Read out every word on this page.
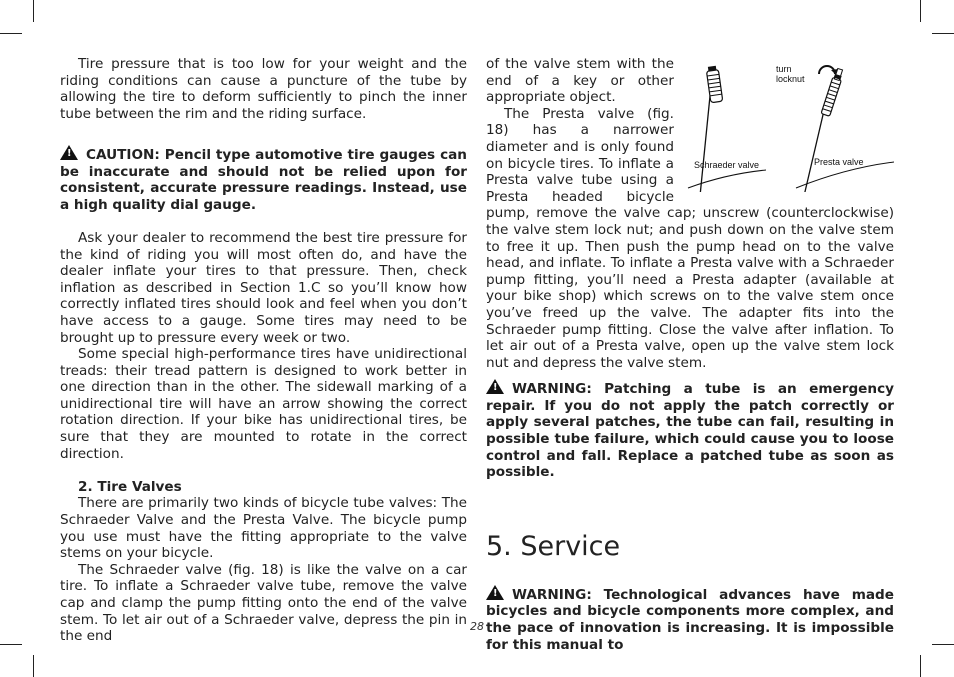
Tire pressure that is too low for your weight and the riding conditions can cause a puncture of the tube by allowing the tire to deform sufficiently to pinch the inner tube between the rim and the riding surface.

!CAUTION: Pencil type automotive tire gauges can be inaccurate and should not be relied upon for consistent, accurate pressure readings. Instead, use a high quality dial gauge.

Ask your dealer to recommend the best tire pressure for the kind of riding you will most often do, and have the dealer inflate your tires to that pressure. Then, check inflation as described in Section 1.C so you’ll know how correctly inflated tires should look and feel when you don’t have access to a gauge. Some tires may need to be brought up to pressure every week or two.

Some special high-performance tires have unidirectional treads: their tread pattern is designed to work better in one direction than in the other. The sidewall marking of a unidirectional tire will have an arrow showing the correct rotation direction. If your bike has unidirectional tires, be sure that they are mounted to rotate in the correct direction.

2. Tire Valves

There are primarily two kinds of bicycle tube valves: The Schraeder Valve and the Presta Valve. The bicycle pump you use must have the fitting appropriate to the valve stems on your bicycle.

The Schraeder valve (fig. 18) is like the valve on a car tire. To inflate a Schraeder valve tube, remove the valve cap and clamp the pump fitting onto the end of the valve stem. To let air out of a Schraeder valve, depress the pin in the end

Schraeder valve	Presta valve
turn
locknut

of the valve stem with the end of a key or other appropriate object.

The Presta valve (fig. 18) has a narrower diameter and is only found on bicycle tires. To inflate a Presta valve tube using a Presta headed bicycle pump, remove the valve cap; unscrew (counterclockwise) the valve stem lock nut; and push down on the valve stem to free it up. Then push the pump head on to the valve head, and inflate. To inflate a Presta valve with a Schraeder pump fitting, you’ll need a Presta adapter (available at your bike shop) which screws on to the valve stem once you’ve freed up the valve. The adapter fits into the Schraeder pump fitting. Close the valve after inflation. To let air out of a Presta valve, open up the valve stem lock nut and depress the valve stem.

!WARNING: Patching a tube is an emergency repair. If you do not apply the patch correctly or apply several patches, the tube can fail, resulting in possible tube failure, which could cause you to loose control and fall. Replace a patched tube as soon as possible.

5. Service

!WARNING: Technological advances have made bicycles and bicycle components more complex, and the pace of innovation is increasing. It is impossible for this manual to

28
